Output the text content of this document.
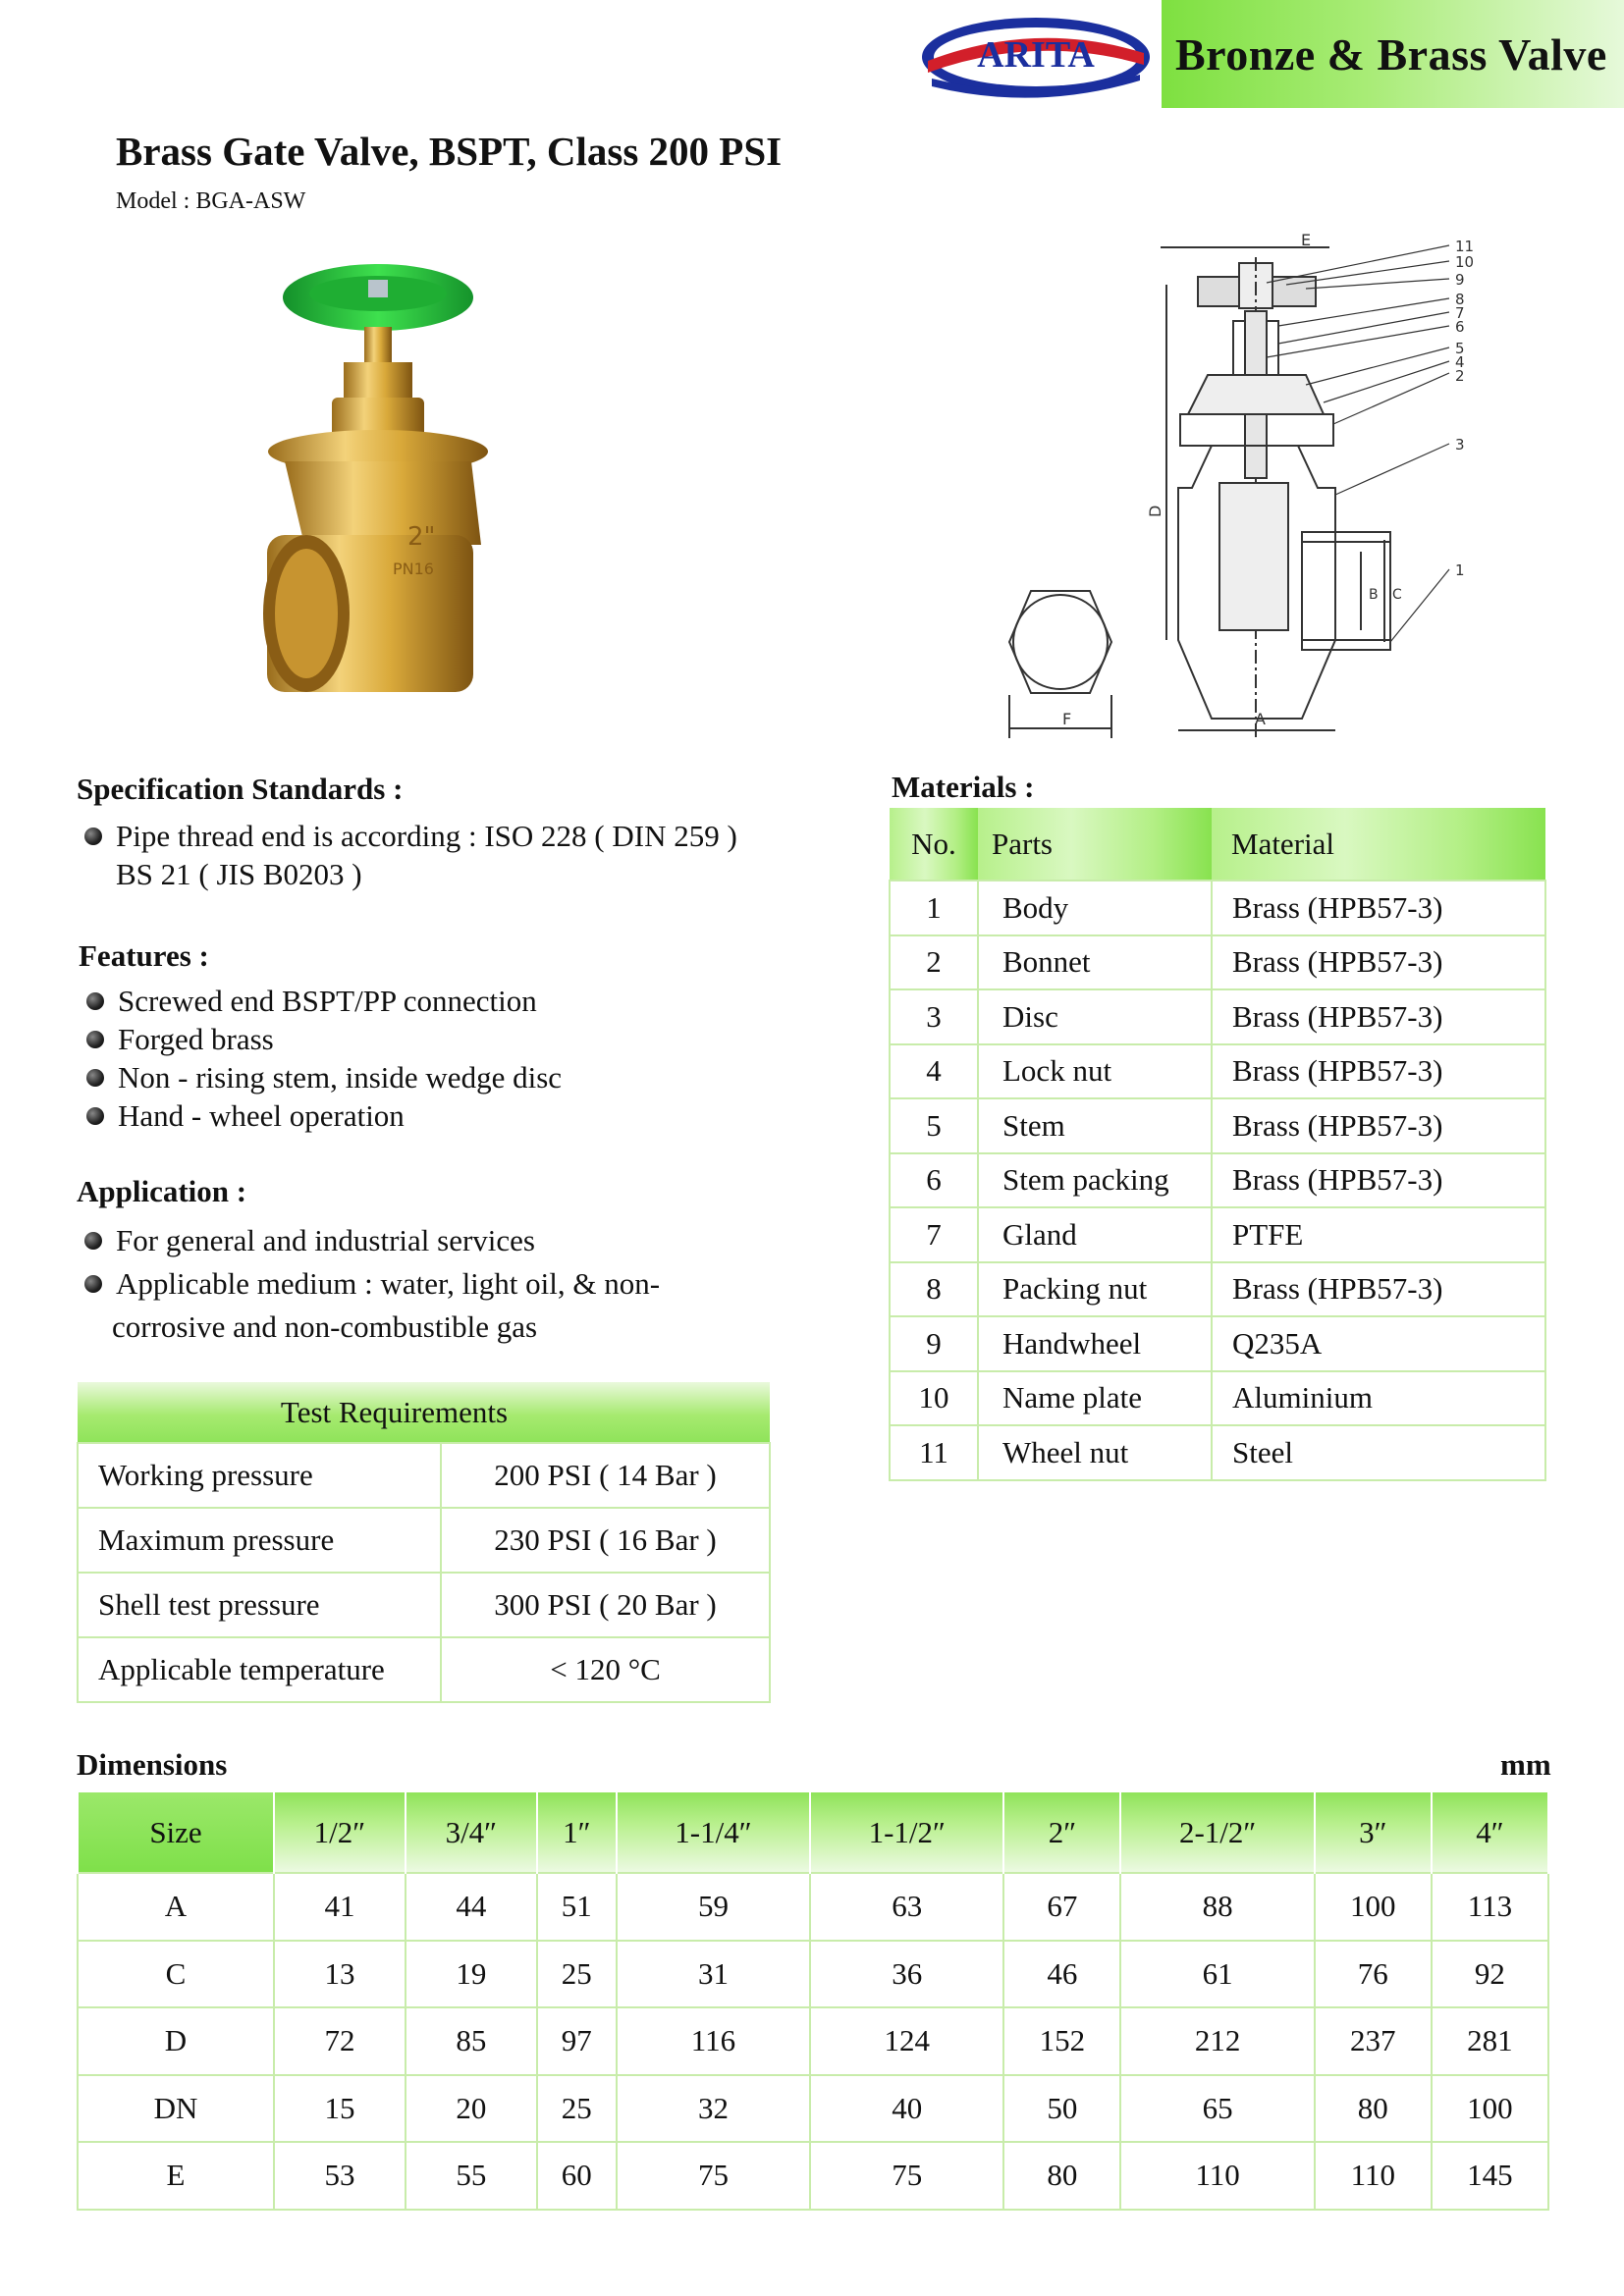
ARITA Bronze & Brass Valve
Brass Gate Valve, BSPT, Class 200 PSI
Model : BGA-ASW
2"
PN16
E
D
F	A
B C
11
10
9
8
7
6
5
4
2
3
1
Specification Standards :
Pipe thread end is according : ISO 228 ( DIN 259 )
BS 21 ( JIS B0203 )
Features :
Screwed end BSPT/PP connection
Forged brass
Non - rising stem, inside wedge disc
Hand - wheel operation
Application :
For general and industrial services
Applicable medium : water, light oil, & non-
corrosive and non-combustible gas
Test Requirements	
Working pressure	200 PSI ( 14 Bar )
Maximum pressure	230 PSI ( 16 Bar )
Shell test pressure	300 PSI ( 20 Bar )
Applicable temperature	< 120 °C
Materials :
No.	Parts	Material
1	Body	Brass (HPB57-3)
2	Bonnet	Brass (HPB57-3)
3	Disc	Brass (HPB57-3)
4	Lock nut	Brass (HPB57-3)
5	Stem	Brass (HPB57-3)
6	Stem packing	Brass (HPB57-3)
7	Gland	PTFE
8	Packing nut	Brass (HPB57-3)
9	Handwheel	Q235A
10	Name plate	Aluminium
11	Wheel nut	Steel
Dimensions	mm
Size	1/2″	3/4″	1″	1-1/4″	1-1/2″	2″	2-1/2″	3″	4″
A	41	44	51	59	63	67	88	100	113
C	13	19	25	31	36	46	61	76	92
D	72	85	97	116	124	152	212	237	281
DN	15	20	25	32	40	50	65	80	100
E	53	55	60	75	75	80	110	110	145
